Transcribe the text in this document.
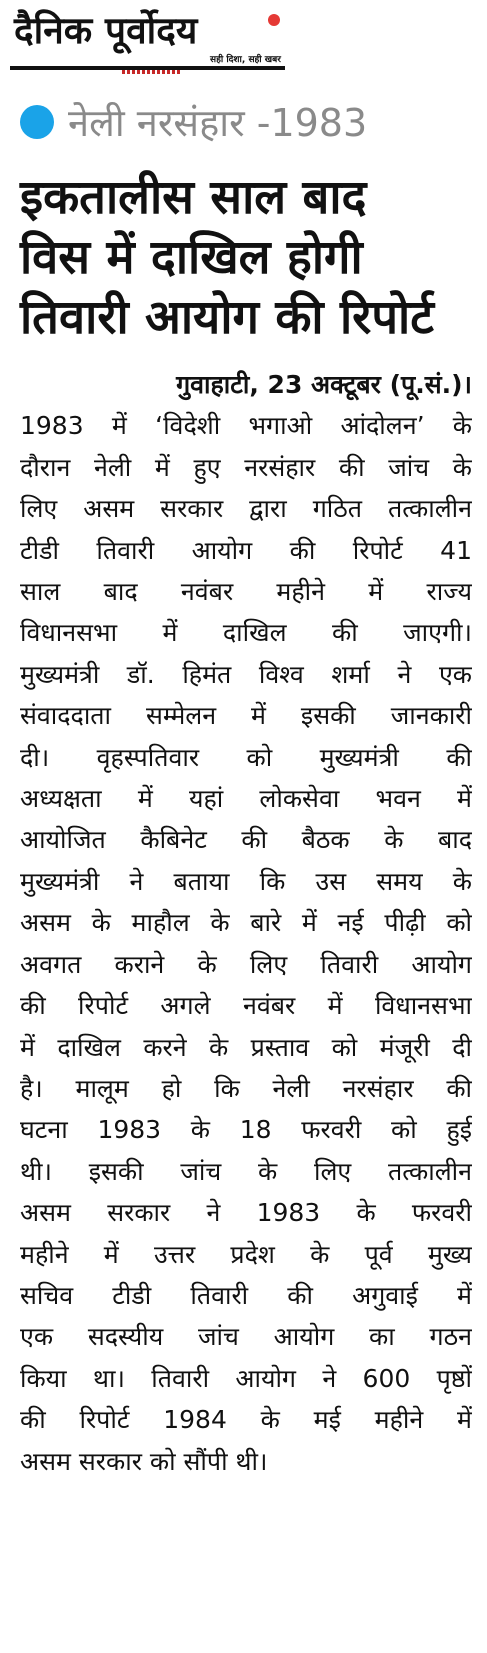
दैनिक पूर्वोदय
सही दिशा, सही खबर
नेली नरसंहार -1983
इकतालीस साल बाद
विस में दाखिल होगी
तिवारी आयोग की रिपोर्ट
गुवाहाटी, 23 अक्टूबर (पू.सं.)।
1983 में ‘विदेशी भगाओ आंदोलन’ के
दौरान नेली में हुए नरसंहार की जांच के
लिए असम सरकार द्वारा गठित तत्कालीन
टीडी तिवारी आयोग की रिपोर्ट 41
साल बाद नवंबर महीने में राज्य
विधानसभा में दाखिल की जाएगी।
मुख्यमंत्री डॉ. हिमंत विश्व शर्मा ने एक
संवाददाता सम्मेलन में इसकी जानकारी
दी। वृहस्पतिवार को मुख्यमंत्री की
अध्यक्षता में यहां लोकसेवा भवन में
आयोजित कैबिनेट की बैठक के बाद
मुख्यमंत्री ने बताया कि उस समय के
असम के माहौल के बारे में नई पीढ़ी को
अवगत कराने के लिए तिवारी आयोग
की रिपोर्ट अगले नवंबर में विधानसभा
में दाखिल करने के प्रस्ताव को मंजूरी दी
है। मालूम हो कि नेली नरसंहार की
घटना 1983 के 18 फरवरी को हुई
थी। इसकी जांच के लिए तत्कालीन
असम सरकार ने 1983 के फरवरी
महीने में उत्तर प्रदेश के पूर्व मुख्य
सचिव टीडी तिवारी की अगुवाई में
एक सदस्यीय जांच आयोग का गठन
किया था। तिवारी आयोग ने 600 पृष्ठों
की रिपोर्ट 1984 के मई महीने में
असम सरकार को सौंपी थी।
